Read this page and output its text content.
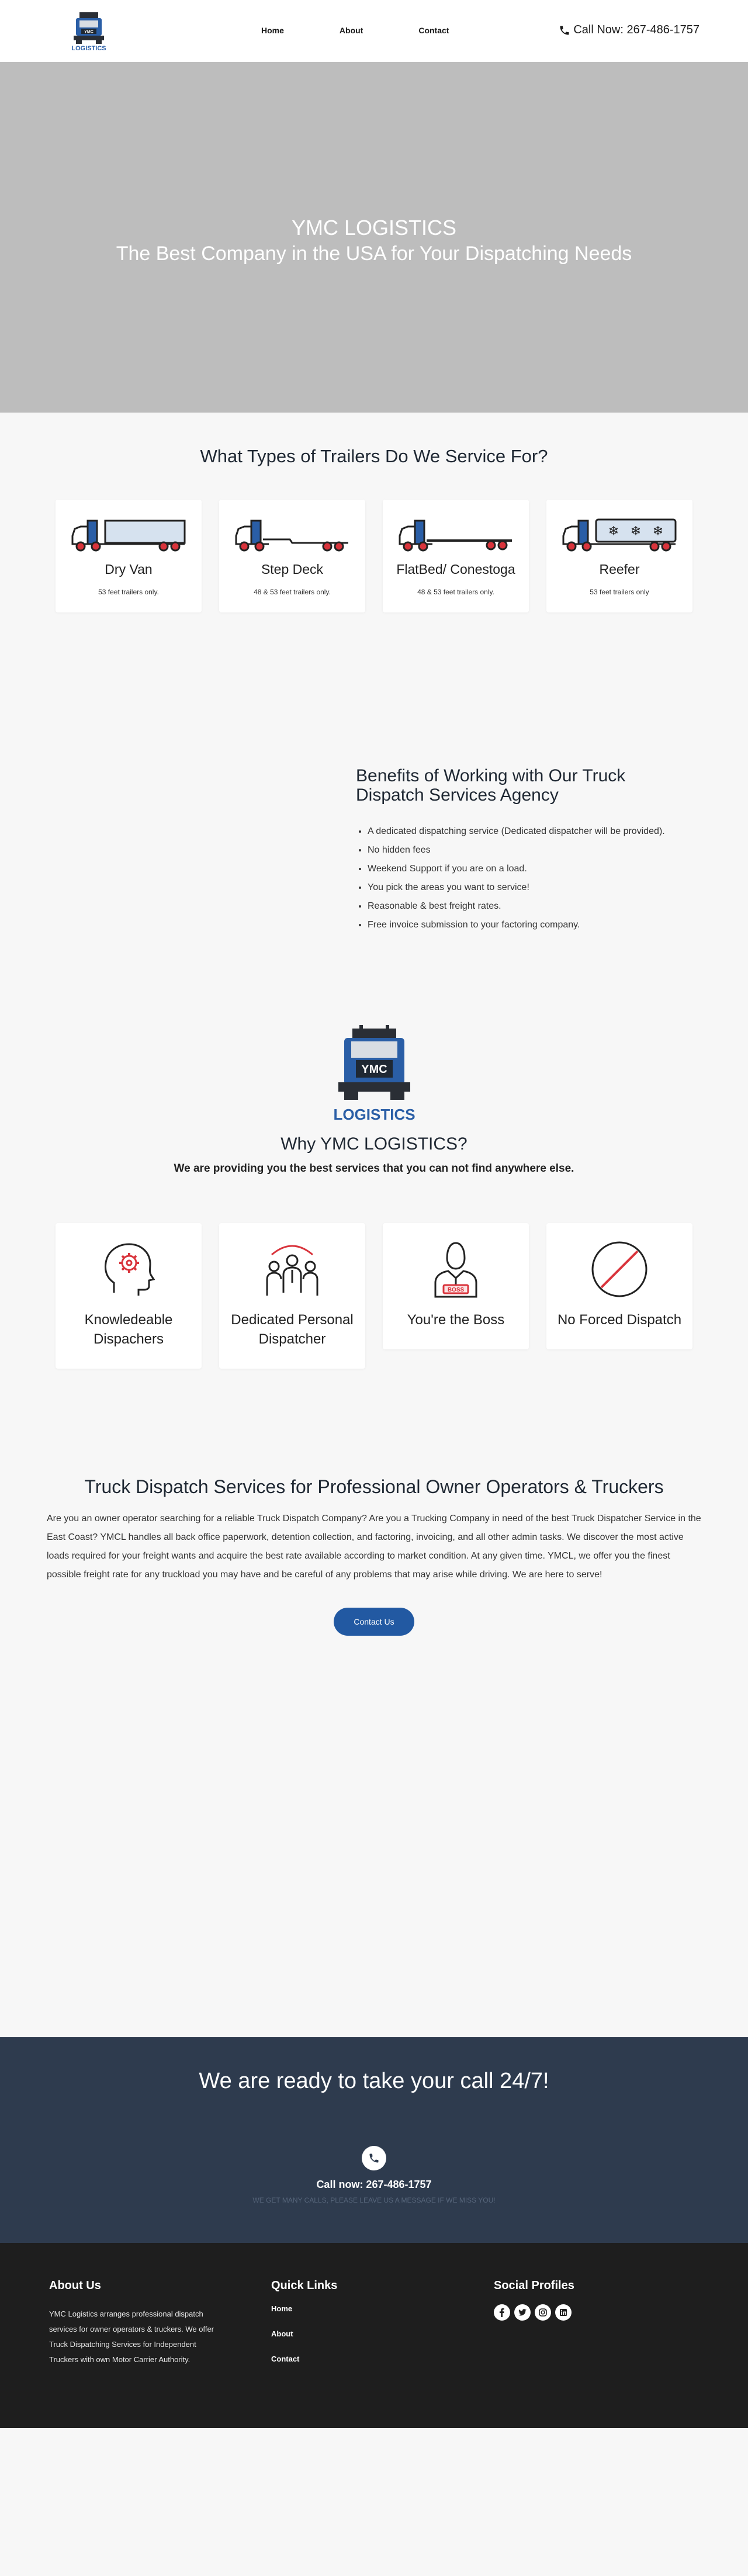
YMC
LOGISTICS
Home	About	Contact	Call Now: 267-486-1757
YMC LOGISTICS
The Best Company in the USA for Your Dispatching Needs
What Types of Trailers Do We Service For?
Dry Van
53 feet trailers only.
Step Deck
48 & 53 feet trailers only.
FlatBed/ Conestoga
48 & 53 feet trailers only.
❄ ❄ ❄
Reefer
53 feet trailers only
Benefits of Working with Our Truck Dispatch Services Agency
• A dedicated dispatching service (Dedicated dispatcher will be provided).
• No hidden fees
• Weekend Support if you are on a load.
• You pick the areas you want to service!
• Reasonable & best freight rates.
• Free invoice submission to your factoring company.
YMC
LOGISTICS
Why YMC LOGISTICS?
We are providing you the best services that you can not find anywhere else.
Knowledeable Dispachers
Dedicated Personal Dispatcher
BOSS
You're the Boss	No Forced Dispatch
Truck Dispatch Services for Professional Owner Operators & Truckers

Are you an owner operator searching for a reliable Truck Dispatch Company? Are you a Trucking Company in need of the best Truck Dispatcher Service in the East Coast? YMCL handles all back office paperwork, detention collection, and factoring, invoicing, and all other admin tasks. We discover the most active loads required for your freight wants and acquire the best rate available according to market condition. At any given time. YMCL, we offer you the finest possible freight rate for any truckload you may have and be careful of any problems that may arise while driving. We are here to serve!

Contact Us
We are ready to take your call 24/7!
Call now: 267-486-1757
WE GET MANY CALLS, PLEASE LEAVE US A MESSAGE IF WE MISS YOU!
About Us

YMC Logistics arranges professional dispatch services for owner operators & truckers. We offer Truck Dispatching Services for Independent Truckers with own Motor Carrier Authority.

Quick Links
Home
About
Contact
Social Profiles
